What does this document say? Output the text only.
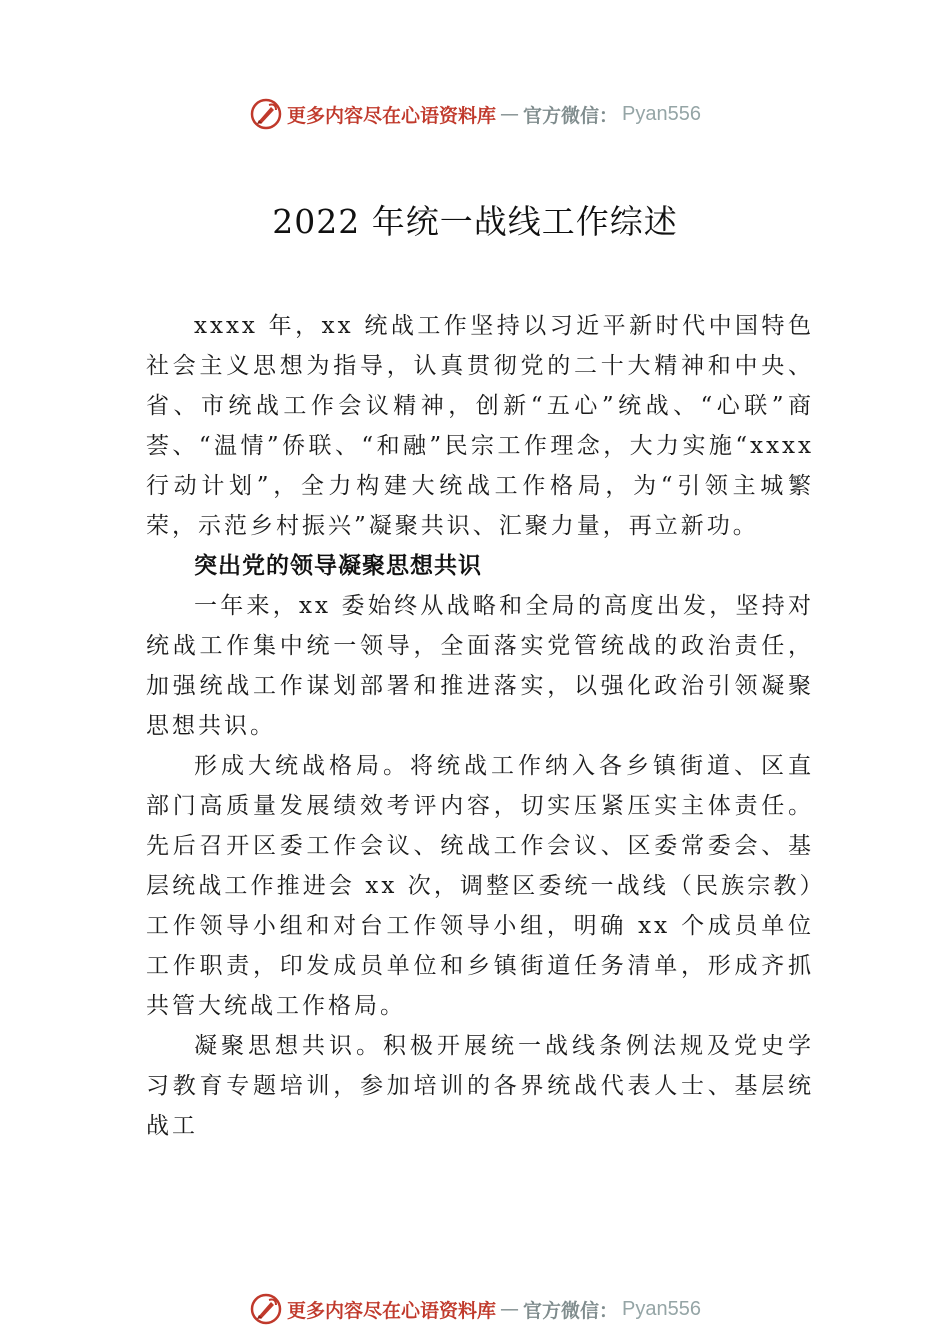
更多内容尽在心语资料库 — 官方微信： Pyan556
2022 年统一战线工作综述

xxxx 年，xx 统战工作坚持以习近平新时代中国特色社会主义思想为指导，认真贯彻党的二十大精神和中央、省、市统战工作会议精神，创新“五心”统战、“心联”商荟、“温情”侨联、“和融”民宗工作理念，大力实施“xxxx 行动计划”，全力构建大统战工作格局，为“引领主城繁荣，示范乡村振兴”凝聚共识、汇聚力量，再立新功。

突出党的领导凝聚思想共识

一年来，xx 委始终从战略和全局的高度出发，坚持对统战工作集中统一领导，全面落实党管统战的政治责任，加强统战工作谋划部署和推进落实，以强化政治引领凝聚思想共识。

形成大统战格局。将统战工作纳入各乡镇街道、区直部门高质量发展绩效考评内容，切实压紧压实主体责任。先后召开区委工作会议、统战工作会议、区委常委会、基层统战工作推进会 xx 次，调整区委统一战线（民族宗教）工作领导小组和对台工作领导小组，明确 xx 个成员单位工作职责，印发成员单位和乡镇街道任务清单，形成齐抓共管大统战工作格局。

凝聚思想共识。积极开展统一战线条例法规及党史学习教育专题培训，参加培训的各界统战代表人士、基层统战工

更多内容尽在心语资料库 — 官方微信： Pyan556
